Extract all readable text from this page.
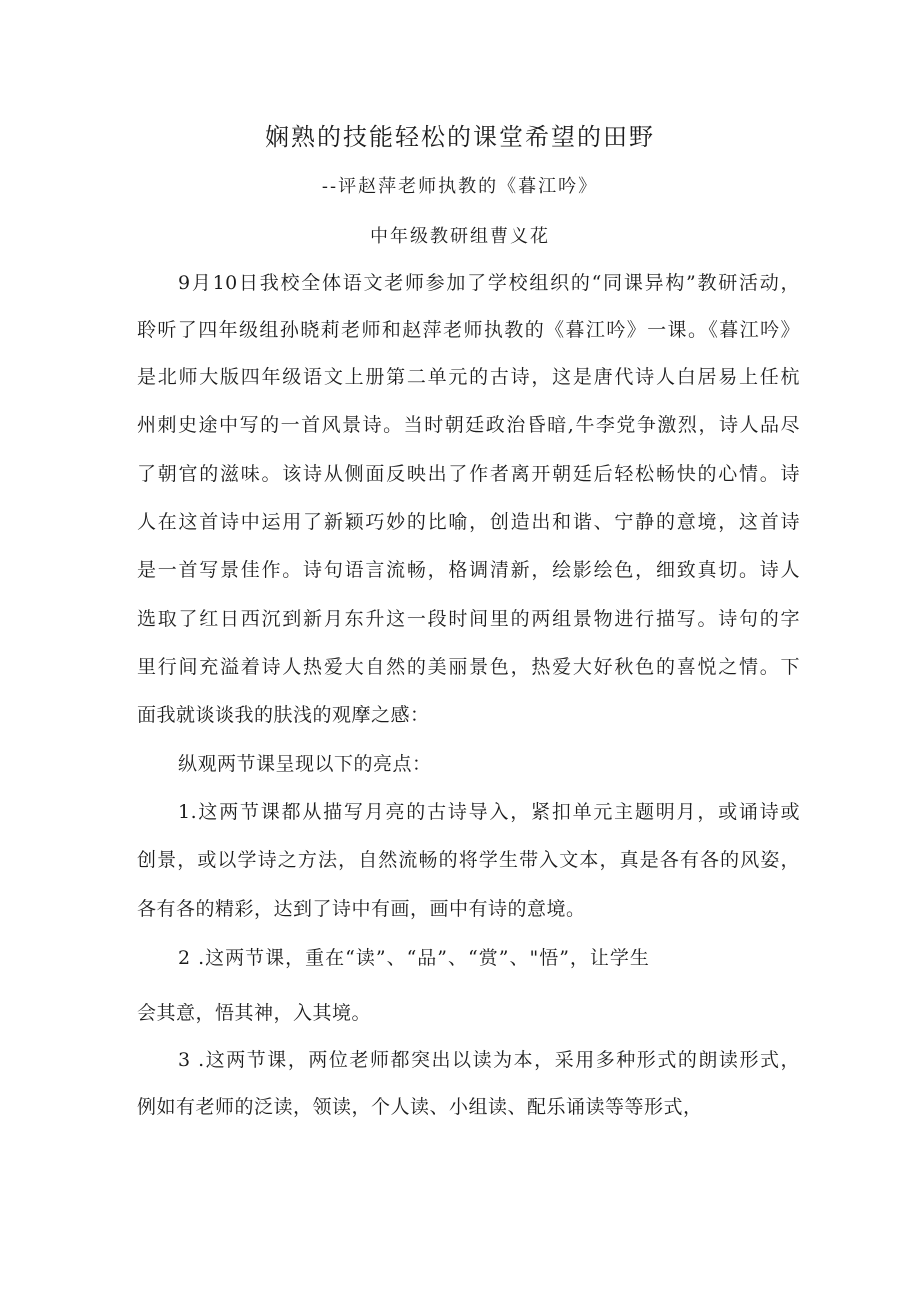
娴熟的技能轻松的课堂希望的田野
--评赵萍老师执教的《暮江吟》
中年级教研组曹义花
9月10日我校全体语文老师参加了学校组织的“同课异构”教研活动，
聆听了四年级组孙晓莉老师和赵萍老师执教的《暮江吟》一课。《暮江吟》
是北师大版四年级语文上册第二单元的古诗，这是唐代诗人白居易上任杭
州刺史途中写的一首风景诗。当时朝廷政治昏暗,牛李党争激烈，诗人品尽
了朝官的滋味。该诗从侧面反映出了作者离开朝廷后轻松畅快的心情。诗
人在这首诗中运用了新颖巧妙的比喻，创造出和谐、宁静的意境，这首诗
是一首写景佳作。诗句语言流畅，格调清新，绘影绘色，细致真切。诗人
选取了红日西沉到新月东升这一段时间里的两组景物进行描写。诗句的字
里行间充溢着诗人热爱大自然的美丽景色，热爱大好秋色的喜悦之情。下
面我就谈谈我的肤浅的观摩之感：
纵观两节课呈现以下的亮点：
1.这两节课都从描写月亮的古诗导入，紧扣单元主题明月，或诵诗或
创景，或以学诗之方法，自然流畅的将学生带入文本，真是各有各的风姿，
各有各的精彩，达到了诗中有画，画中有诗的意境。
2 .这两节课，重在“读”、“品”、“赏”、"悟”，让学生
会其意，悟其神，入其境。
3 .这两节课，两位老师都突出以读为本，采用多种形式的朗读形式，
例如有老师的泛读，领读，个人读、小组读、配乐诵读等等形式，
